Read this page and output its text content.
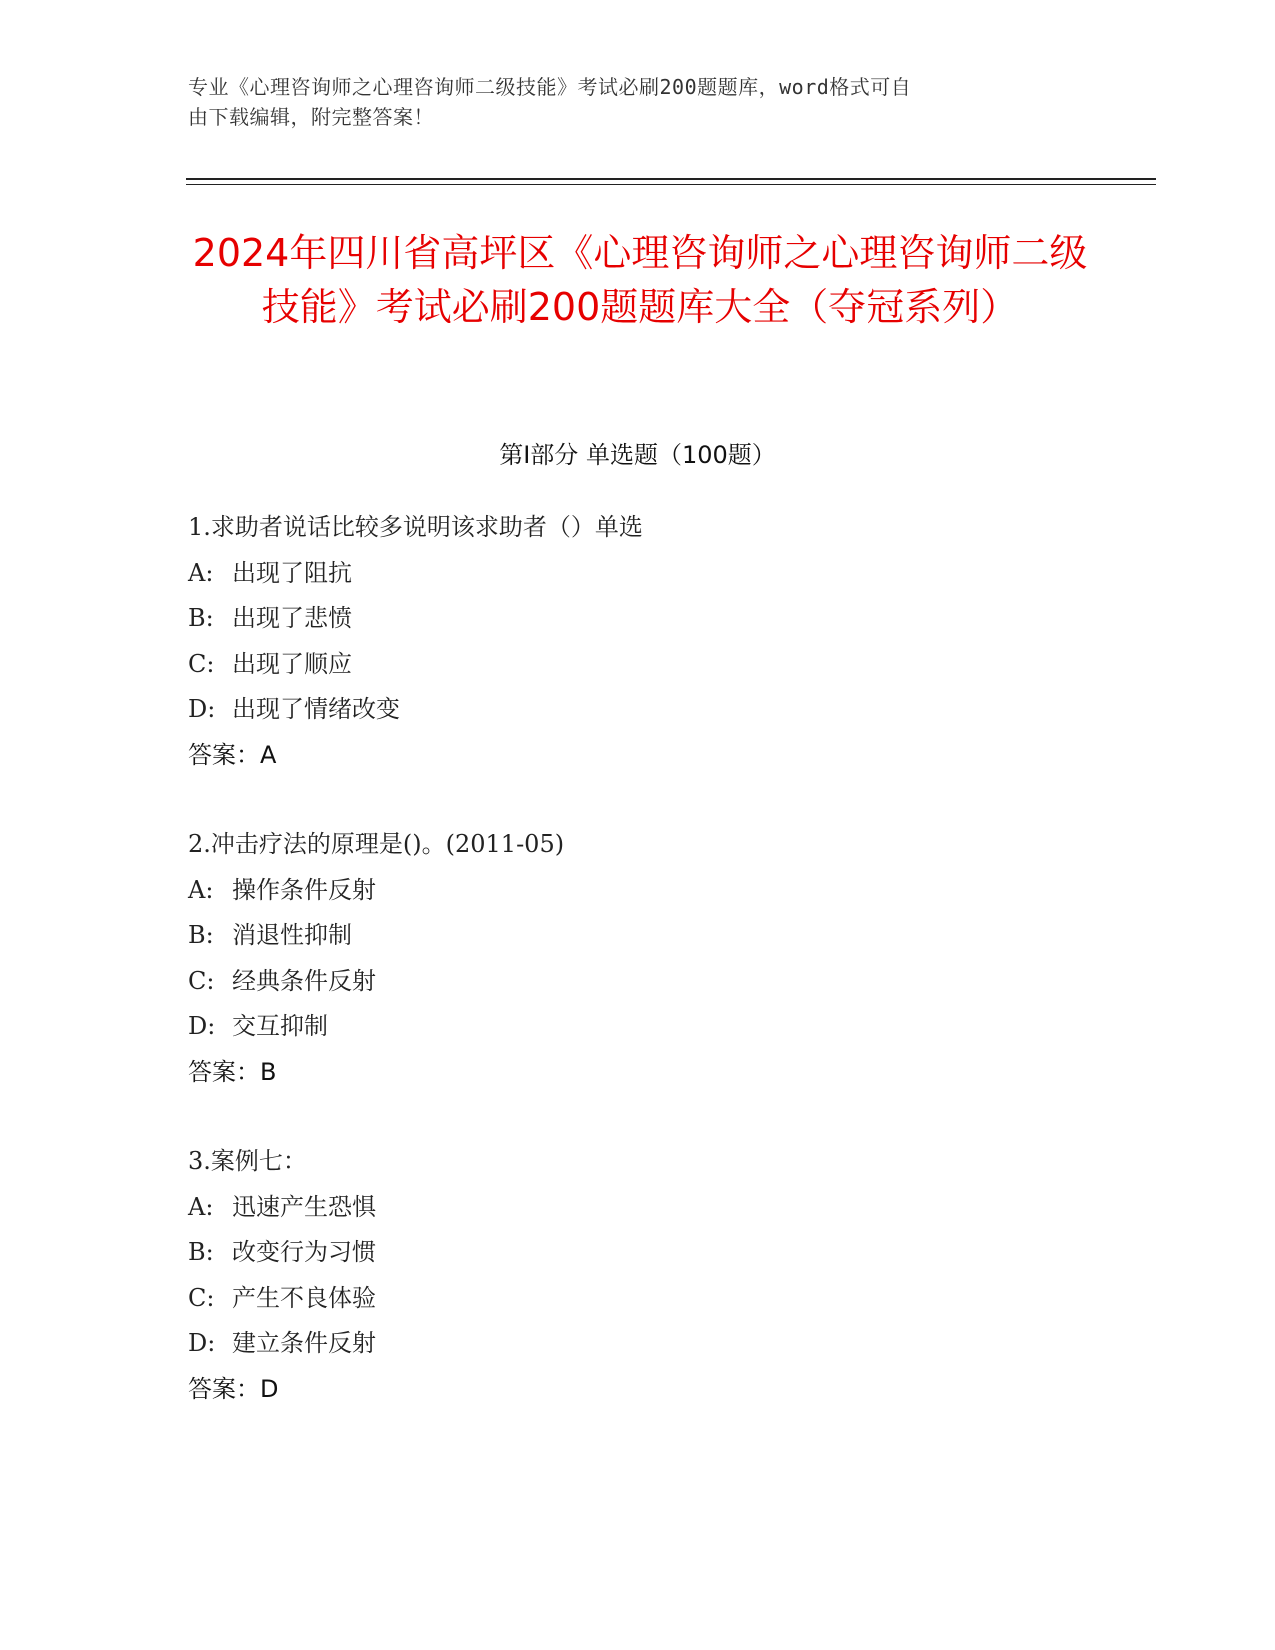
专业《心理咨询师之心理咨询师二级技能》考试必刷200题题库，word格式可自
由下载编辑，附完整答案！
2024年四川省高坪区《心理咨询师之心理咨询师二级技能》考试必刷200题题库大全（夺冠系列）
第Ⅰ部分 单选题（100题）
1.求助者说话比较多说明该求助者（）单选
A: 出现了阻抗
B: 出现了悲愤
C: 出现了顺应
D: 出现了情绪改变
答案：A
2.冲击疗法的原理是()。(2011-05)
A: 操作条件反射
B: 消退性抑制
C: 经典条件反射
D: 交互抑制
答案：B
3.案例七：
A: 迅速产生恐惧
B: 改变行为习惯
C: 产生不良体验
D: 建立条件反射
答案：D
